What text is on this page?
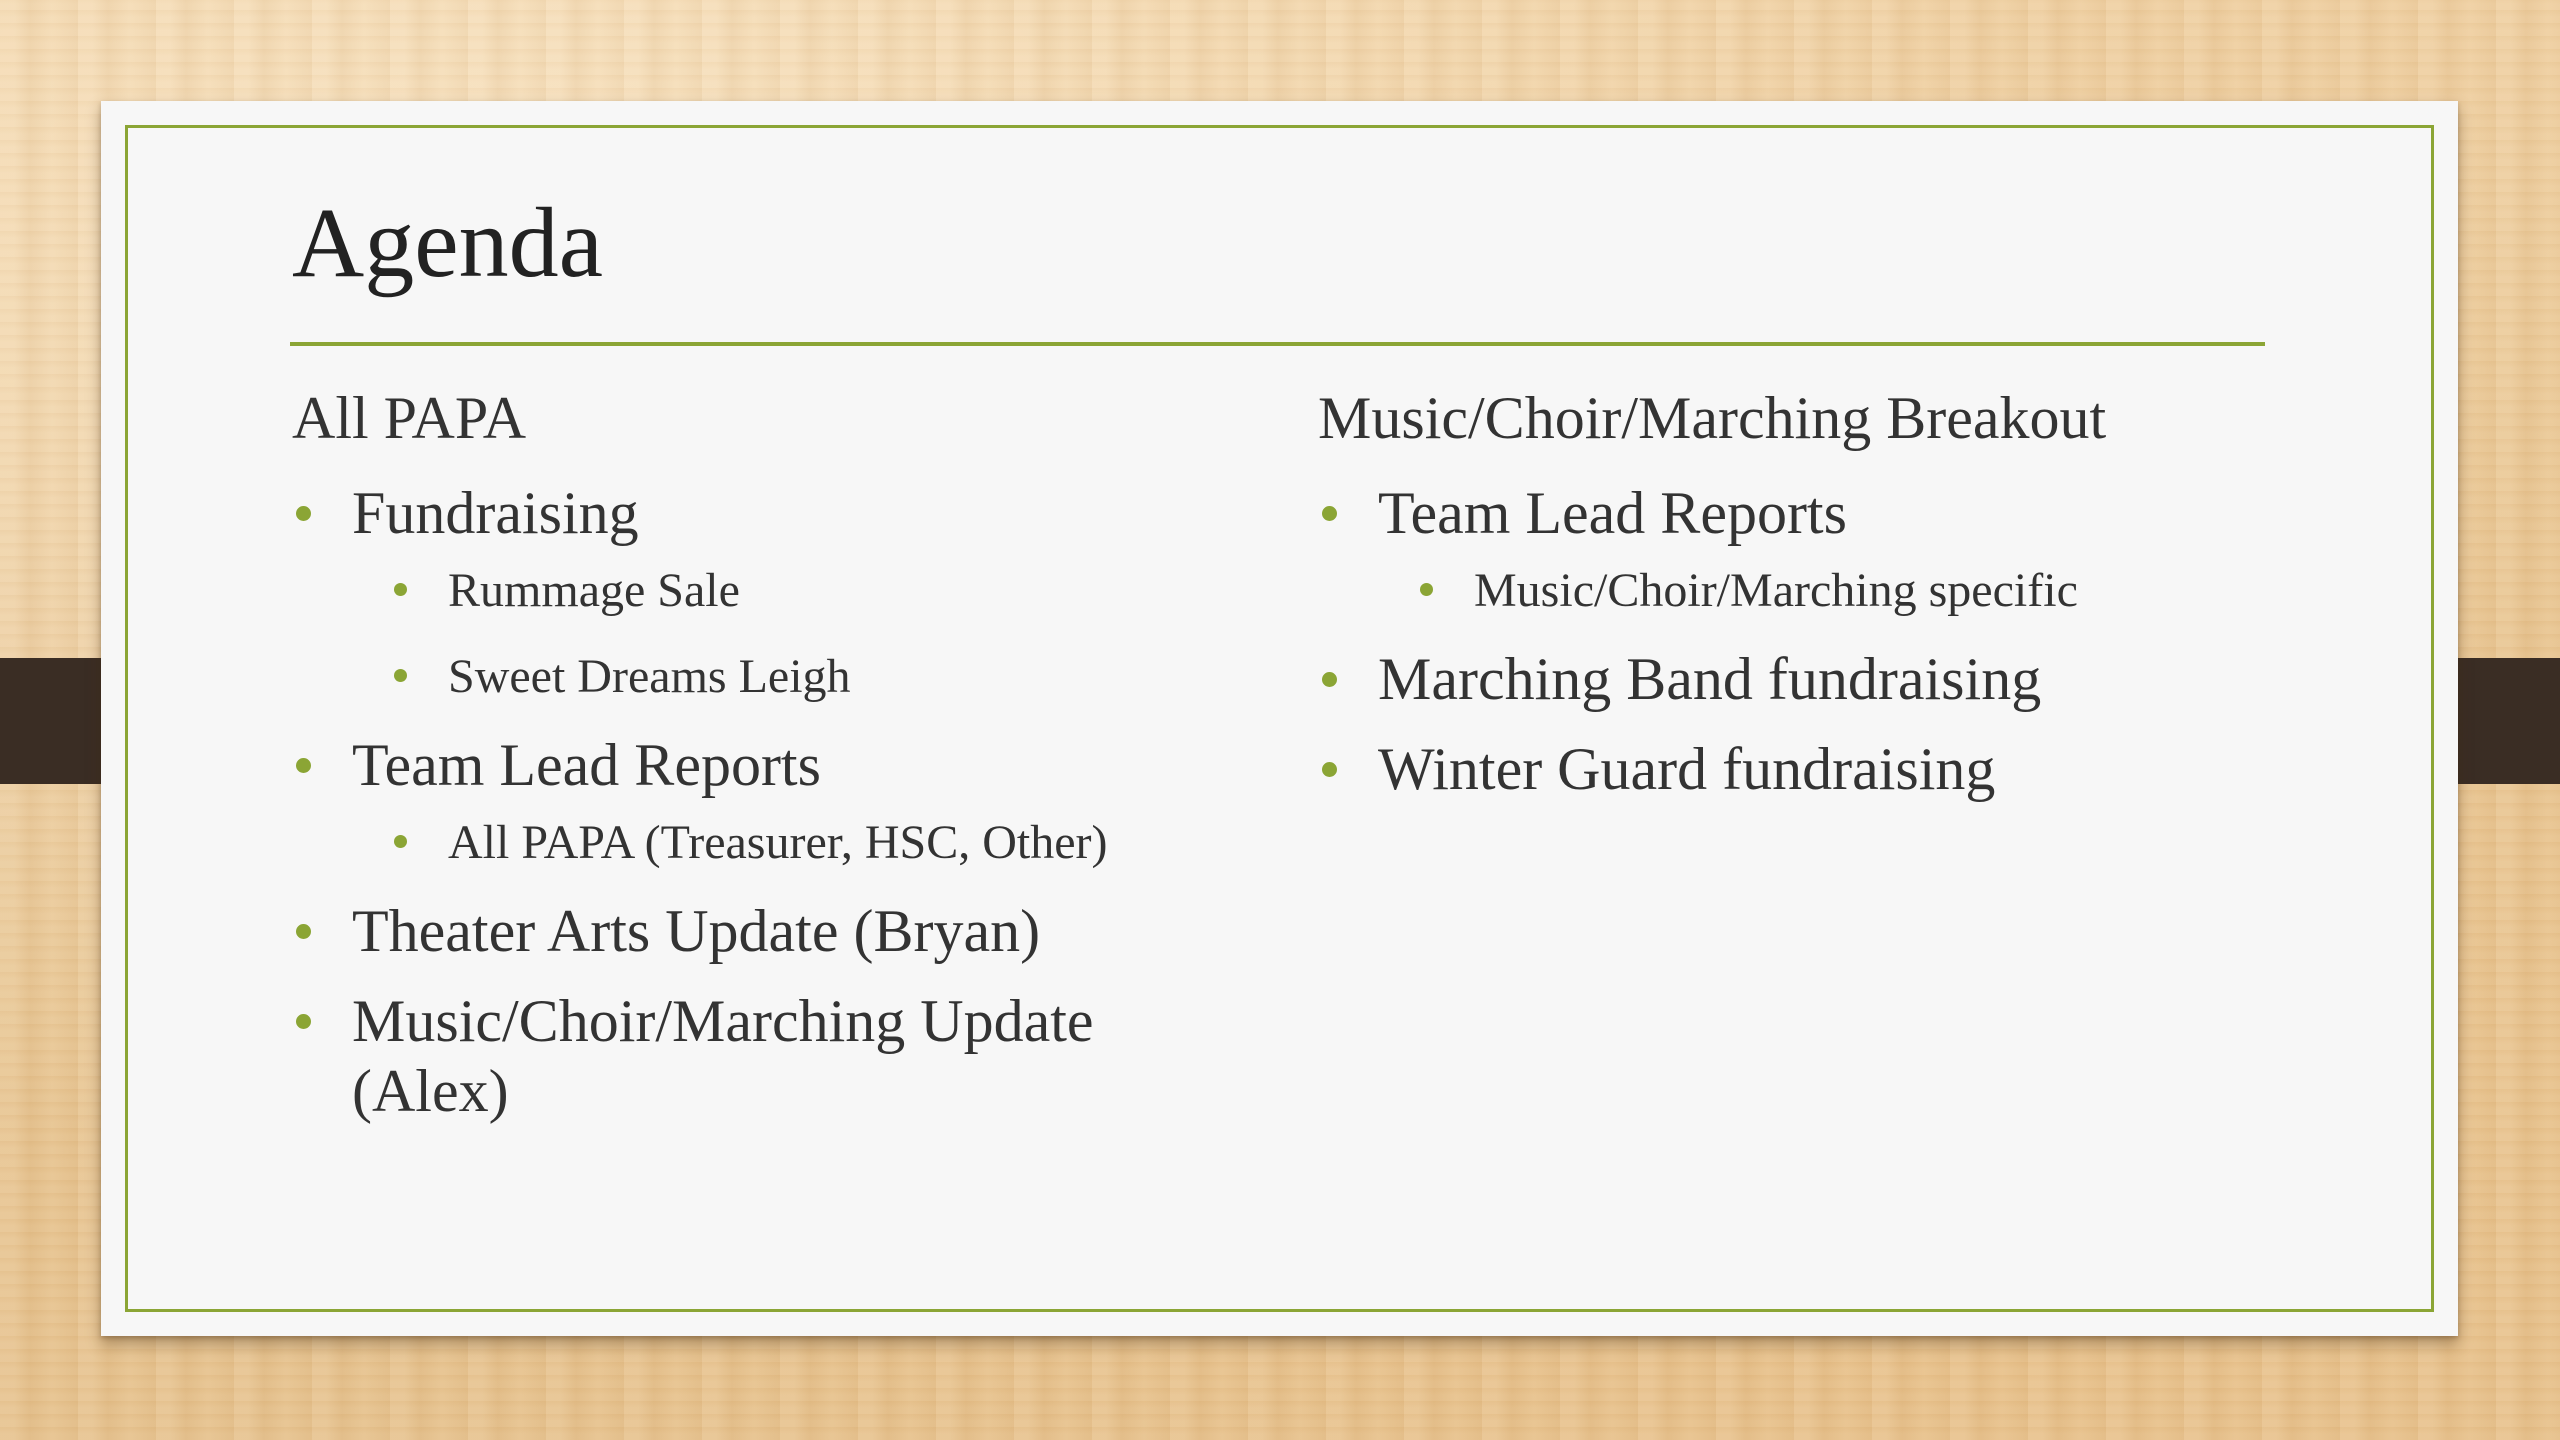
Agenda
All PAPA
Fundraising
Rummage Sale
Sweet Dreams Leigh
Team Lead Reports
All PAPA (Treasurer, HSC, Other)
Theater Arts Update (Bryan)
Music/Choir/Marching Update (Alex)
Music/Choir/Marching Breakout
Team Lead Reports
Music/Choir/Marching specific
Marching Band fundraising
Winter Guard fundraising
